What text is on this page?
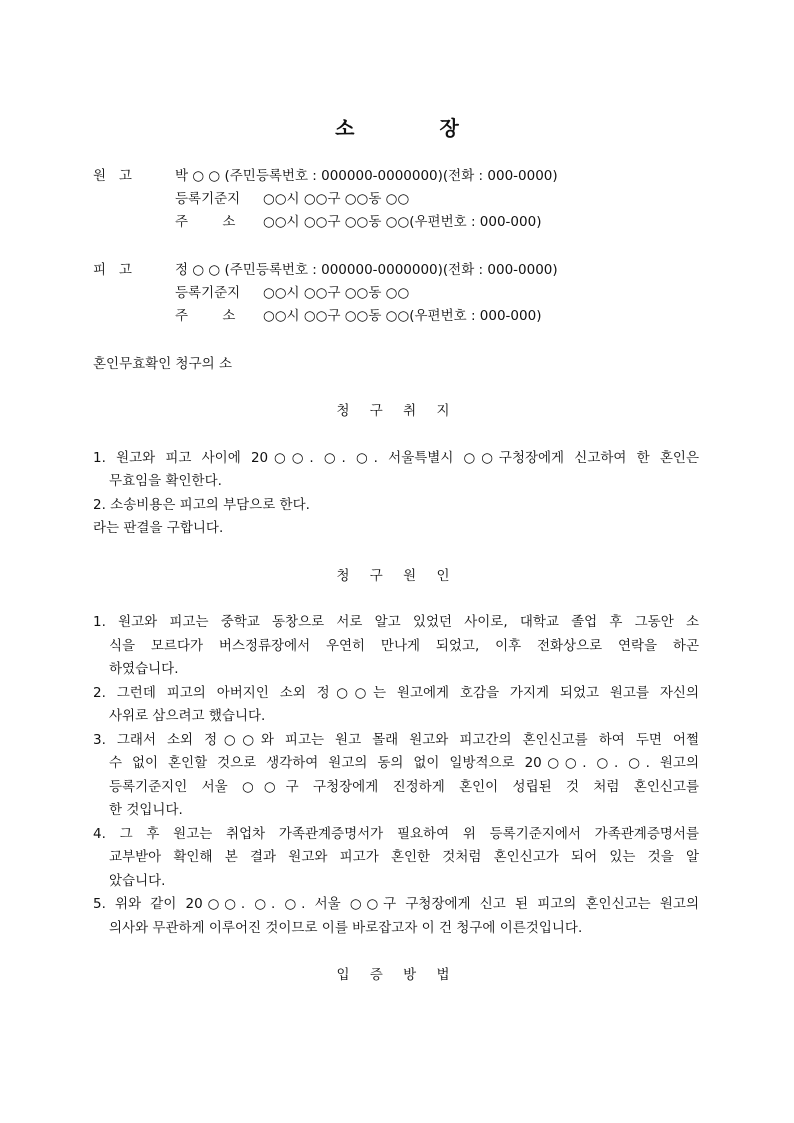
소	장
원   고	박 ○ ○ (주민등록번호 : 000000-0000000)(전화 : 000-0000)
등록기준지 ○○시 ○○구 ○○동 ○○
주        소 ○○시 ○○구 ○○동 ○○(우편번호 : 000-000)
피   고	정 ○ ○ (주민등록번호 : 000000-0000000)(전화 : 000-0000)
등록기준지 ○○시 ○○구 ○○동 ○○
주        소 ○○시 ○○구 ○○동 ○○(우편번호 : 000-000)
혼인무효확인 청구의 소
청 구 취 지
1. 원고와 피고 사이에 20○○. ○. ○. 서울특별시 ○○구청장에게 신고하여 한 혼인은
무효임을 확인한다.
2. 소송비용은 피고의 부담으로 한다.
라는 판결을 구합니다.
청 구 원 인
1. 원고와 피고는 중학교 동창으로 서로 알고 있었던 사이로, 대학교 졸업 후 그동안 소
식을 모르다가 버스정류장에서 우연히 만나게 되었고, 이후 전화상으로 연락을 하곤
하였습니다.
2. 그런데 피고의 아버지인 소외 정○○는 원고에게 호감을 가지게 되었고 원고를 자신의
사위로 삼으려고 했습니다.
3. 그래서 소외 정○○와 피고는 원고 몰래 원고와 피고간의 혼인신고를 하여 두면 어쩔
수 없이 혼인할 것으로 생각하여 원고의 동의 없이 일방적으로 20○○. ○. ○. 원고의
등록기준지인 서울 ○○구 구청장에게 진정하게 혼인이 성립된 것 처럼 혼인신고를
한 것입니다.
4. 그 후 원고는 취업차 가족관계증명서가 필요하여 위 등록기준지에서 가족관계증명서를
교부받아 확인해 본 결과 원고와 피고가 혼인한 것처럼 혼인신고가 되어 있는 것을 알
았습니다.
5. 위와 같이 20○○. ○. ○. 서울 ○○구 구청장에게 신고 된 피고의 혼인신고는 원고의
의사와 무관하게 이루어진 것이므로 이를 바로잡고자 이 건 청구에 이른것입니다.
입 증 방 법
